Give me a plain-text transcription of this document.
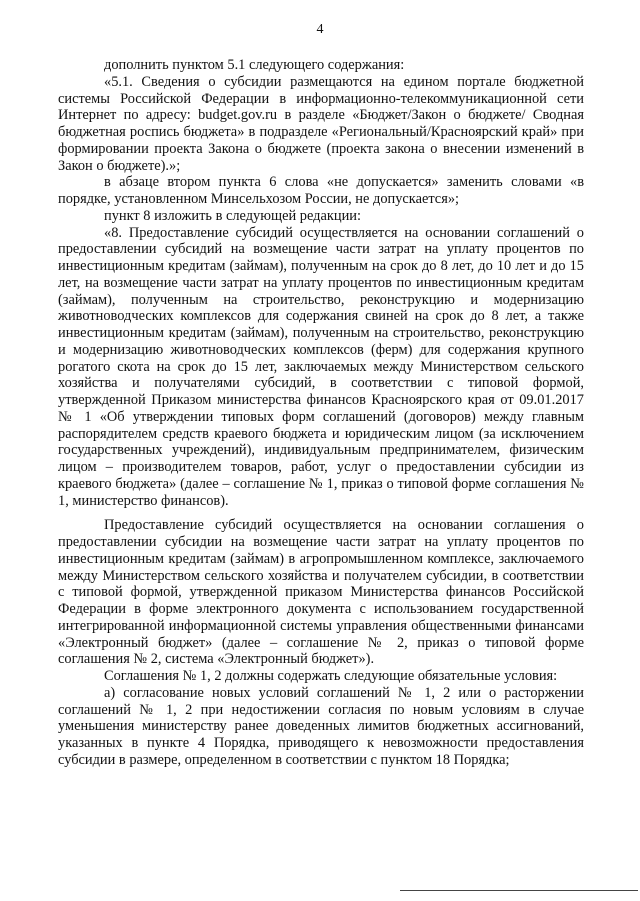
4

дополнить пунктом 5.1 следующего содержания:

«5.1. Сведения о субсидии размещаются на едином портале бюджетной системы Российской Федерации в информационно-телекоммуникационной сети Интернет по адресу: budget.gov.ru в разделе «Бюджет/Закон о бюджете/ Сводная бюджетная роспись бюджета» в подразделе «Региональный/Красноярский край» при формировании проекта Закона о бюджете (проекта закона о внесении изменений в Закон о бюджете).»;

в абзаце втором пункта 6 слова «не допускается» заменить словами «в порядке, установленном Минсельхозом России, не допускается»;

пункт 8 изложить в следующей редакции:

«8. Предоставление субсидий осуществляется на основании соглашений о предоставлении субсидий на возмещение части затрат на уплату процентов по инвестиционным кредитам (займам), полученным на срок до 8 лет, до 10 лет и до 15 лет, на возмещение части затрат на уплату процентов по инвестиционным кредитам (займам), полученным на строительство, реконструкцию и модернизацию животноводческих комплексов для содержания свиней на срок до 8 лет, а также инвестиционным кредитам (займам), полученным на строительство, реконструкцию и модернизацию животноводческих комплексов (ферм) для содержания крупного рогатого скота на срок до 15 лет, заключаемых между Министерством сельского хозяйства и получателями субсидий, в соответствии с типовой формой, утвержденной Приказом министерства финансов Красноярского края от 09.01.2017 № 1 «Об утверждении типовых форм соглашений (договоров) между главным распорядителем средств краевого бюджета и юридическим лицом (за исключением государственных учреждений), индивидуальным предпринимателем, физическим лицом – производителем товаров, работ, услуг о предоставлении субсидии из краевого бюджета» (далее – соглашение № 1, приказ о типовой форме соглашения № 1, министерство финансов).

Предоставление субсидий осуществляется на основании соглашения о предоставлении субсидии на возмещение части затрат на уплату процентов по инвестиционным кредитам (займам) в агропромышленном комплексе, заключаемого между Министерством сельского хозяйства и получателем субсидии, в соответствии с типовой формой, утвержденной приказом Министерства финансов Российской Федерации в форме электронного документа с использованием государственной интегрированной информационной системы управления общественными финансами «Электронный бюджет» (далее – соглашение № 2, приказ о типовой форме соглашения № 2, система «Электронный бюджет»).

Соглашения № 1, 2 должны содержать следующие обязательные условия:

а) согласование новых условий соглашений № 1, 2 или о расторжении соглашений № 1, 2 при недостижении согласия по новым условиям в случае уменьшения министерству ранее доведенных лимитов бюджетных ассигнований, указанных в пункте 4 Порядка, приводящего к невозможности предоставления субсидии в размере, определенном в соответствии с пунктом 18 Порядка;
